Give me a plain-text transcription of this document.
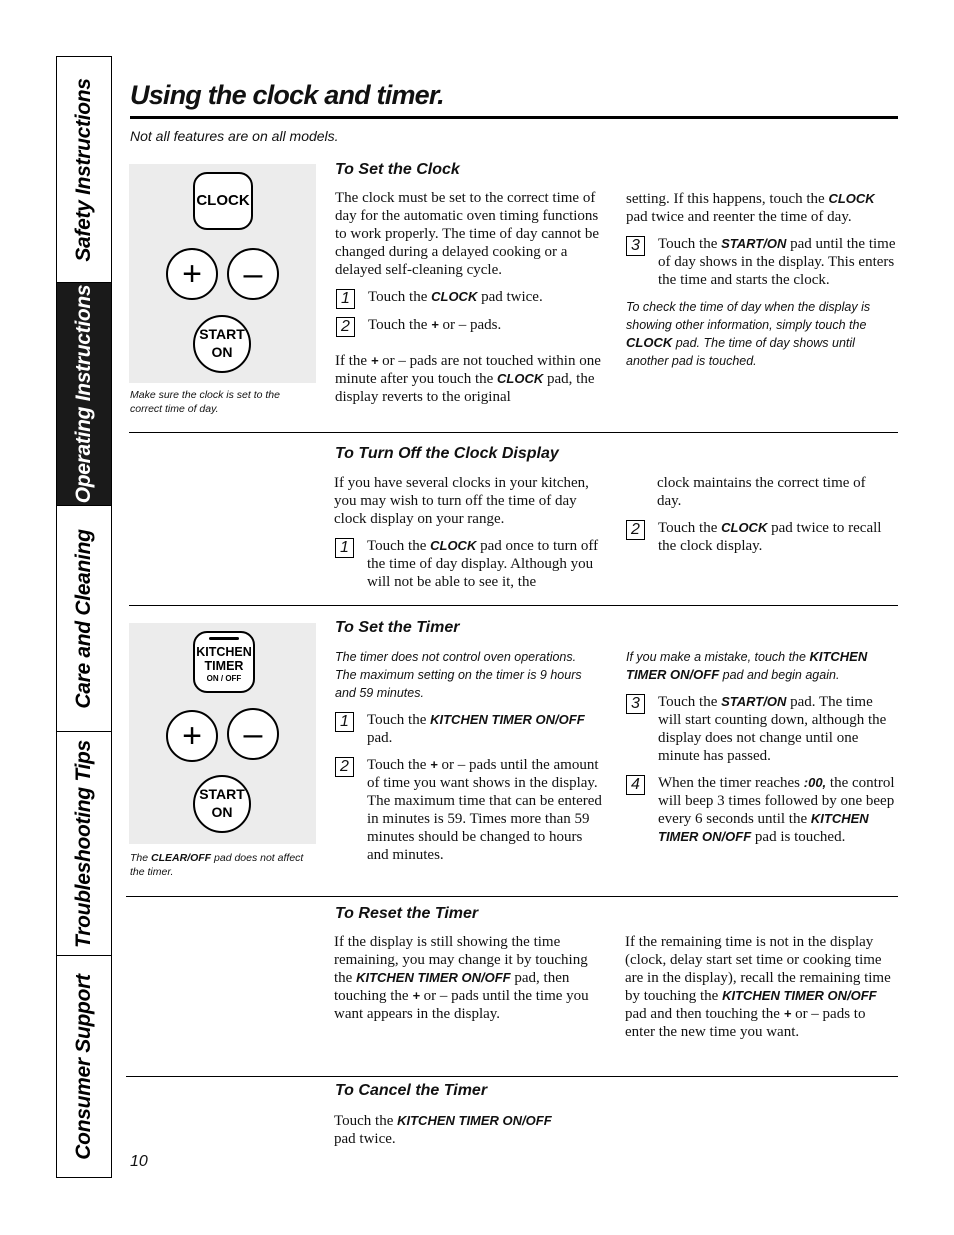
Safety Instructions
Operating Instructions
Care and Cleaning
Troubleshooting Tips
Consumer Support
Using the clock and timer.
Not all features are on all models.
CLOCK
+	–
START
ON
Make sure the clock is set to the correct time of day.
To Set the Clock
The clock must be set to the correct time of day for the automatic oven timing functions to work properly. The time of day cannot be changed during a delayed cooking or a delayed self-cleaning cycle.
1	Touch the CLOCK pad twice.
2	Touch the + or – pads.
If the + or – pads are not touched within one minute after you touch the CLOCK pad, the display reverts to the original
setting. If this happens, touch the CLOCK pad twice and reenter the time of day.
3	Touch the START/ON pad until the time of day shows in the display. This enters the time and starts the clock.
To check the time of day when the display is showing other information, simply touch the CLOCK pad. The time of day shows until another pad is touched.
To Turn Off the Clock Display
If you have several clocks in your kitchen, you may wish to turn off the time of day clock display on your range.
1	Touch the CLOCK pad once to turn off the time of day display. Although you will not be able to see it, the
clock maintains the correct time of day.
2	Touch the CLOCK pad twice to recall the clock display.
KITCHEN
TIMER
ON / OFF
+	–
START
ON
The CLEAR/OFF pad does not affect the timer.
To Set the Timer
The timer does not control oven operations. The maximum setting on the timer is 9 hours and 59 minutes.
1	Touch the KITCHEN TIMER ON/OFF pad.
2	Touch the + or – pads until the amount of time you want shows in the display. The maximum time that can be entered in minutes is 59. Times more than 59 minutes should be changed to hours and minutes.
If you make a mistake, touch the KITCHEN TIMER ON/OFF pad and begin again.
3	Touch the START/ON pad. The time will start counting down, although the display does not change until one minute has passed.
4	When the timer reaches :00, the control will beep 3 times followed by one beep every 6 seconds until the KITCHEN TIMER ON/OFF pad is touched.
To Reset the Timer
If the display is still showing the time remaining, you may change it by touching the KITCHEN TIMER ON/OFF pad, then touching the + or – pads until the time you want appears in the display.
If the remaining time is not in the display (clock, delay start set time or cooking time are in the display), recall the remaining time by touching the KITCHEN TIMER ON/OFF pad and then touching the + or – pads to enter the new time you want.
To Cancel the Timer
Touch the KITCHEN TIMER ON/OFF
pad twice.
10
